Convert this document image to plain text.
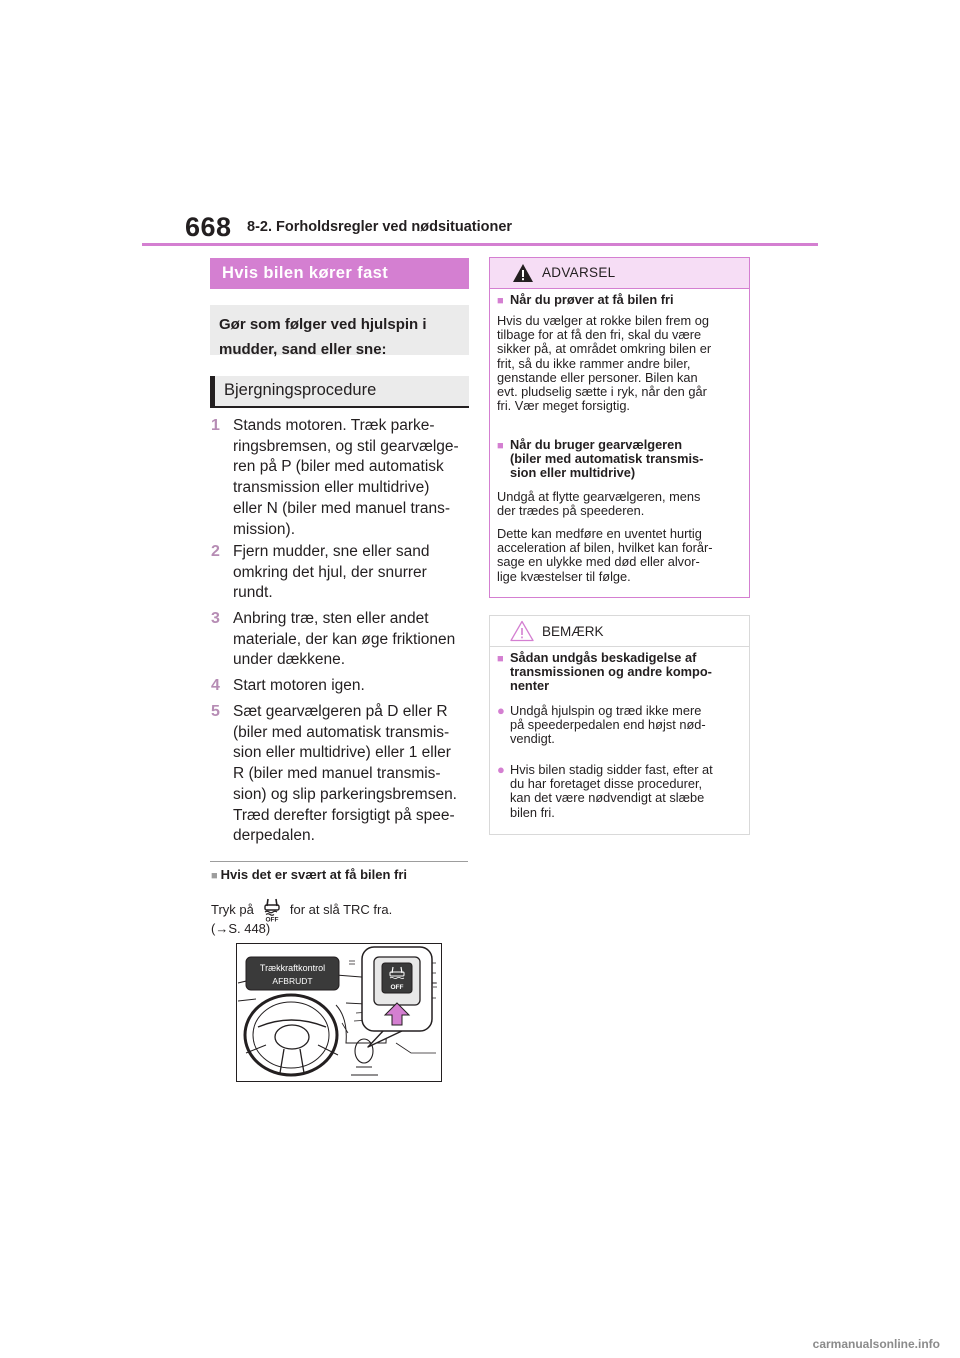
668 8-2. Forholdsregler ved nødsituationer
Hvis bilen kører fast
Gør som følger ved hjulspin i
mudder, sand eller sne:
Bjergningsprocedure
1 Stands motoren. Træk parke-
ringsbremsen, og stil gearvælge-
ren på P (biler med automatisk
transmission eller multidrive)
eller N (biler med manuel trans-
mission).
2 Fjern mudder, sne eller sand
omkring det hjul, der snurrer
rundt.
3 Anbring træ, sten eller andet
materiale, der kan øge friktionen
under dækkene.
4 Start motoren igen.
5 Sæt gearvælgeren på D eller R
(biler med automatisk transmis-
sion eller multidrive) eller 1 eller
R (biler med manuel transmis-
sion) og slip parkeringsbremsen.
Træd derefter forsigtigt på spee-
derpedalen.
■ Hvis det er svært at få bilen fri
Tryk på
OFF
for at slå TRC fra.
(→S. 448)
Trækkraftkontrol
AFBRUDT
OFF
ADVARSEL
■ Når du prøver at få bilen fri
Hvis du vælger at rokke bilen frem og
tilbage for at få den fri, skal du være
sikker på, at området omkring bilen er
frit, så du ikke rammer andre biler,
genstande eller personer. Bilen kan
evt. pludselig sætte i ryk, når den går
fri. Vær meget forsigtig.
■ Når du bruger gearvælgeren
(biler med automatisk transmis-
sion eller multidrive)
Undgå at flytte gearvælgeren, mens
der trædes på speederen.
Dette kan medføre en uventet hurtig
acceleration af bilen, hvilket kan forår-
sage en ulykke med død eller alvor-
lige kvæstelser til følge.
BEMÆRK
■ Sådan undgås beskadigelse af
transmissionen og andre kompo-
nenter
● Undgå hjulspin og træd ikke mere
på speederpedalen end højst nød-
vendigt.
● Hvis bilen stadig sidder fast, efter at
du har foretaget disse procedurer,
kan det være nødvendigt at slæbe
bilen fri.
carmanualsonline.info
